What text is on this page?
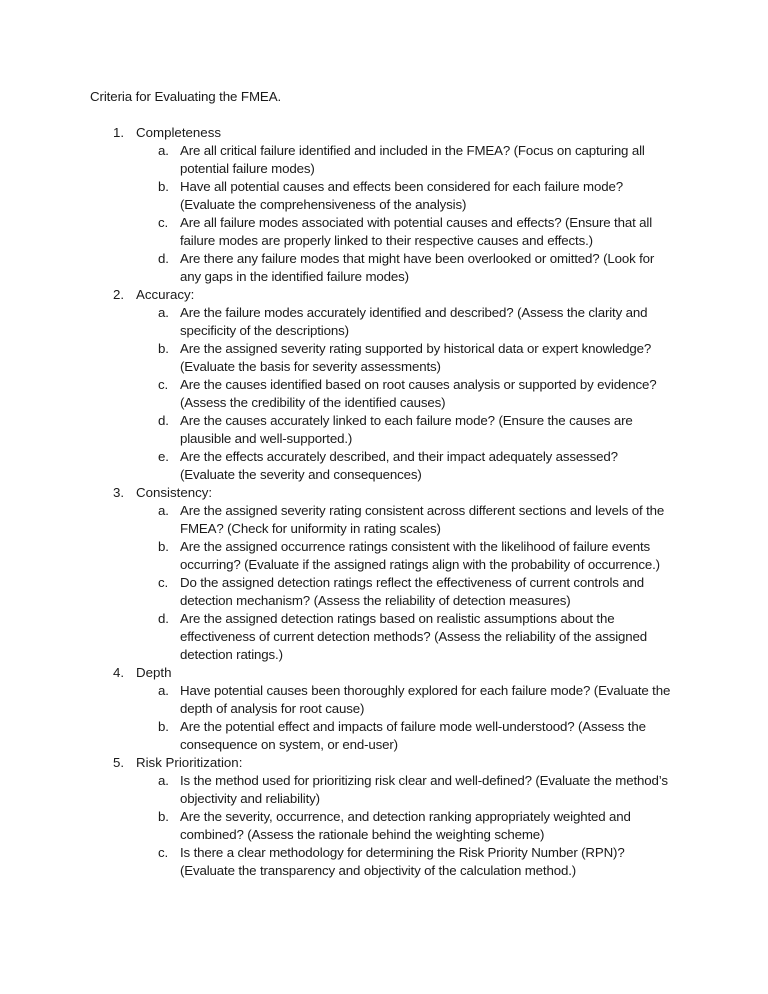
Criteria for Evaluating the FMEA.
1. Completeness
a. Are all critical failure identified and included in the FMEA? (Focus on capturing all potential failure modes)
b. Have all potential causes and effects been considered for each failure mode? (Evaluate the comprehensiveness of the analysis)
c. Are all failure modes associated with potential causes and effects? (Ensure that all failure modes are properly linked to their respective causes and effects.)
d. Are there any failure modes that might have been overlooked or omitted? (Look for any gaps in the identified failure modes)
2. Accuracy:
a. Are the failure modes accurately identified and described? (Assess the clarity and specificity of the descriptions)
b. Are the assigned severity rating supported by historical data or expert knowledge? (Evaluate the basis for severity assessments)
c. Are the causes identified based on root causes analysis or supported by evidence? (Assess the credibility of the identified causes)
d. Are the causes accurately linked to each failure mode? (Ensure the causes are plausible and well-supported.)
e. Are the effects accurately described, and their impact adequately assessed? (Evaluate the severity and consequences)
3. Consistency:
a. Are the assigned severity rating consistent across different sections and levels of the FMEA? (Check for uniformity in rating scales)
b. Are the assigned occurrence ratings consistent with the likelihood of failure events occurring? (Evaluate if the assigned ratings align with the probability of occurrence.)
c. Do the assigned detection ratings reflect the effectiveness of current controls and detection mechanism? (Assess the reliability of detection measures)
d. Are the assigned detection ratings based on realistic assumptions about the effectiveness of current detection methods? (Assess the reliability of the assigned detection ratings.)
4. Depth
a. Have potential causes been thoroughly explored for each failure mode? (Evaluate the depth of analysis for root cause)
b. Are the potential effect and impacts of failure mode well-understood? (Assess the consequence on system, or end-user)
5. Risk Prioritization:
a. Is the method used for prioritizing risk clear and well-defined? (Evaluate the method’s objectivity and reliability)
b. Are the severity, occurrence, and detection ranking appropriately weighted and combined? (Assess the rationale behind the weighting scheme)
c. Is there a clear methodology for determining the Risk Priority Number (RPN)? (Evaluate the transparency and objectivity of the calculation method.)
